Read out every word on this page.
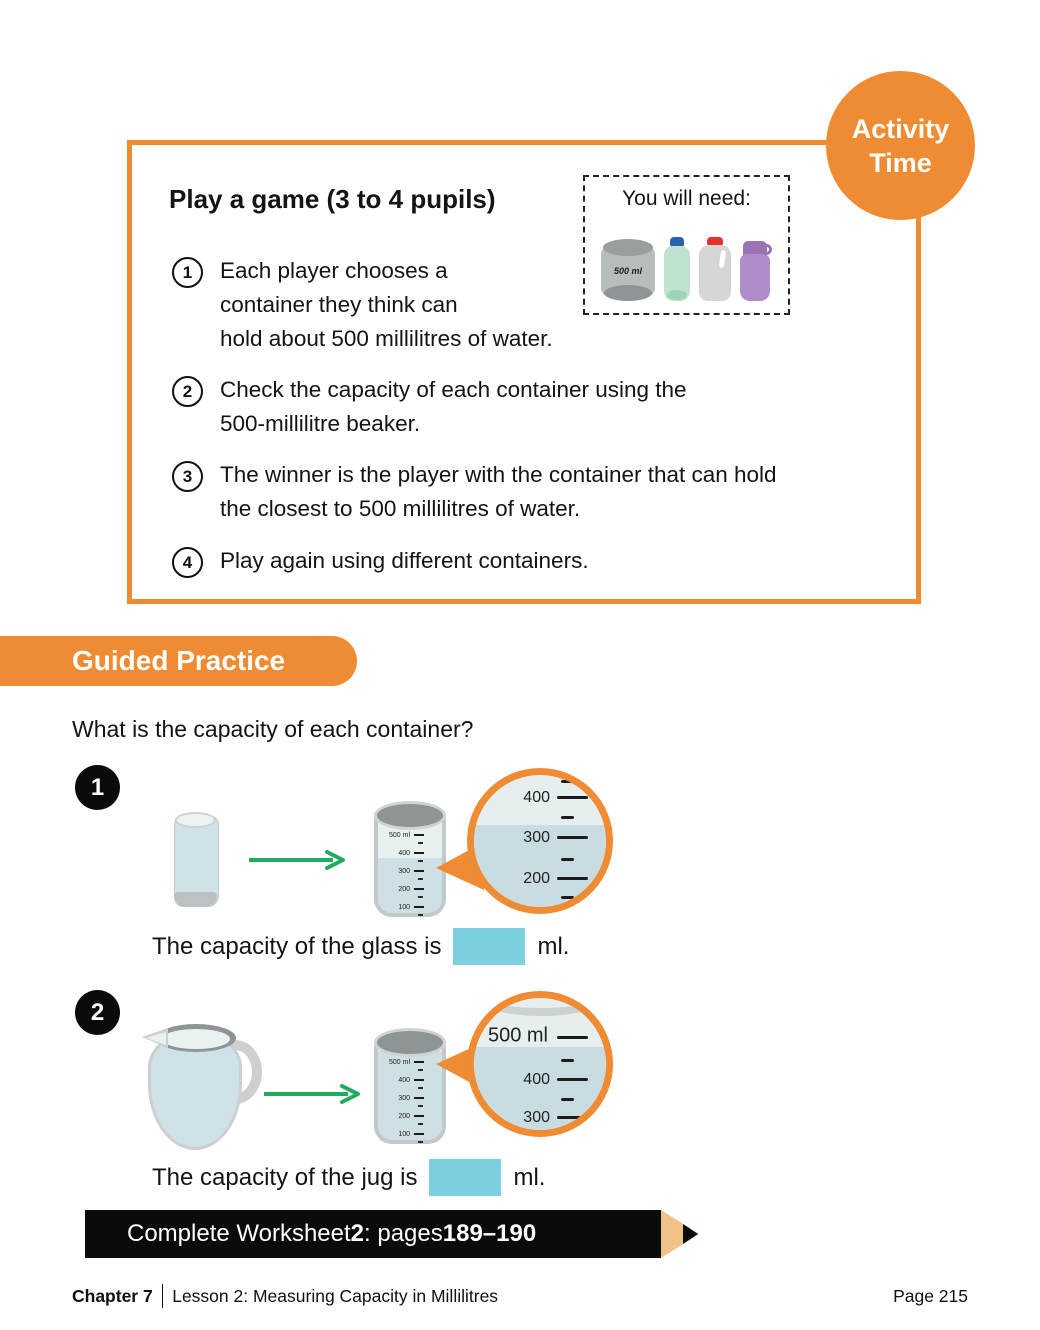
Activity
Time
Play a game (3 to 4 pupils)	You will need:
500 ml
1	Each player chooses a
container they think can
hold about 500 millilitres of water.
2	Check the capacity of each container using the
500-millilitre beaker.
3	The winner is the player with the container that can hold
the closest to 500 millilitres of water.
4	Play again using different containers.
Guided Practice
What is the capacity of each container?
1
500 ml
400
300
200
100
400
300
200
The capacity of the glass is	ml.
2
500 ml
400
300
200
100
500 ml
400
300
The capacity of the jug is	ml.
Complete Worksheet 2 : pages 189–190
Chapter 7 Lesson 2: Measuring Capacity in Millilitres	Page 215
